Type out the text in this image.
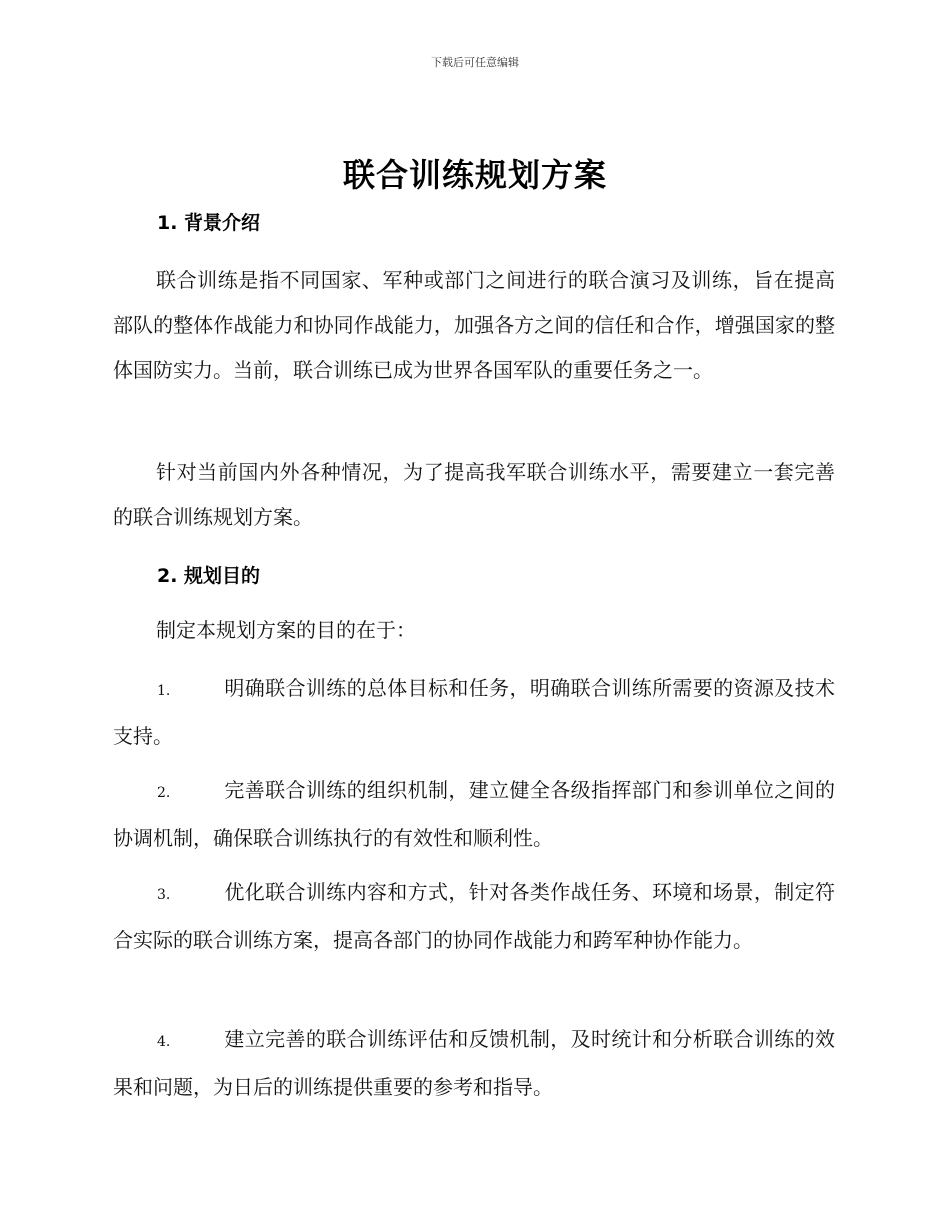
下载后可任意编辑
联合训练规划方案
1. 背景介绍

联合训练是指不同国家、军种或部门之间进行的联合演习及训练，旨在提高部队的整体作战能力和协同作战能力，加强各方之间的信任和合作，增强国家的整体国防实力。当前，联合训练已成为世界各国军队的重要任务之一。

针对当前国内外各种情况，为了提高我军联合训练水平，需要建立一套完善的联合训练规划方案。

2. 规划目的

制定本规划方案的目的在于：

1.	明确联合训练的总体目标和任务，明确联合训练所需要的资源及技术支持。

2.	完善联合训练的组织机制，建立健全各级指挥部门和参训单位之间的协调机制，确保联合训练执行的有效性和顺利性。

3.	优化联合训练内容和方式，针对各类作战任务、环境和场景，制定符合实际的联合训练方案，提高各部门的协同作战能力和跨军种协作能力。

4.	建立完善的联合训练评估和反馈机制，及时统计和分析联合训练的效果和问题，为日后的训练提供重要的参考和指导。
